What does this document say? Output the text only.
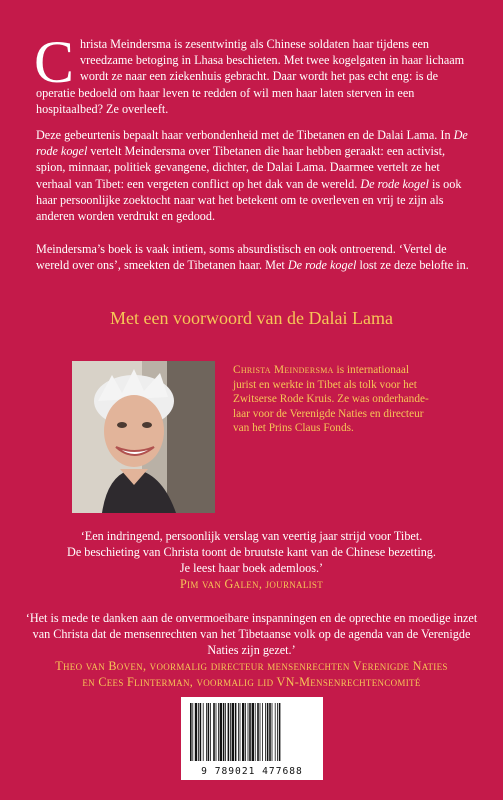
Christa Meindersma is zesentwintig als Chinese soldaten haar tijdens een vreedzame betoging in Lhasa beschieten. Met twee kogelgaten in haar lichaam wordt ze naar een ziekenhuis gebracht. Daar wordt het pas echt eng: is de operatie bedoeld om haar leven te redden of wil men haar laten sterven in een hospitaalbed? Ze overleeft.

Deze gebeurtenis bepaalt haar verbondenheid met de Tibetanen en de Dalai Lama. In De rode kogel vertelt Meindersma over Tibetanen die haar hebben geraakt: een activist, spion, minnaar, politiek gevangene, dichter, de Dalai Lama. Daarmee vertelt ze het verhaal van Tibet: een vergeten conflict op het dak van de wereld. De rode kogel is ook haar persoonlijke zoektocht naar wat het betekent om te overleven en vrij te zijn als anderen worden verdrukt en gedood.

Meindersma’s boek is vaak intiem, soms absurdistisch en ook ontroerend. ‘Vertel de wereld over ons’, smeekten de Tibetanen haar. Met De rode kogel lost ze deze belofte in.

Met een voorwoord van de Dalai Lama

Christa Meindersma is internationaal jurist en werkte in Tibet als tolk voor het Zwitserse Rode Kruis. Ze was onderhande-laar voor de Verenigde Naties en directeur van het Prins Claus Fonds.

‘Een indringend, persoonlijk verslag van veertig jaar strijd voor Tibet.
De beschieting van Christa toont de bruutste kant van de Chinese bezetting.
Je leest haar boek ademloos.’
Pim van Galen, journalist
‘Het is mede te danken aan de onvermoeibare inspanningen en de oprechte en moedige inzet van Christa dat de mensenrechten van het Tibetaanse volk op de agenda van de Verenigde Naties zijn gezet.’
Theo van Boven, voormalig directeur mensenrechten Verenigde Naties
en Cees Flinterman, voormalig lid VN-Mensenrechtencomité
9 789021 477688
